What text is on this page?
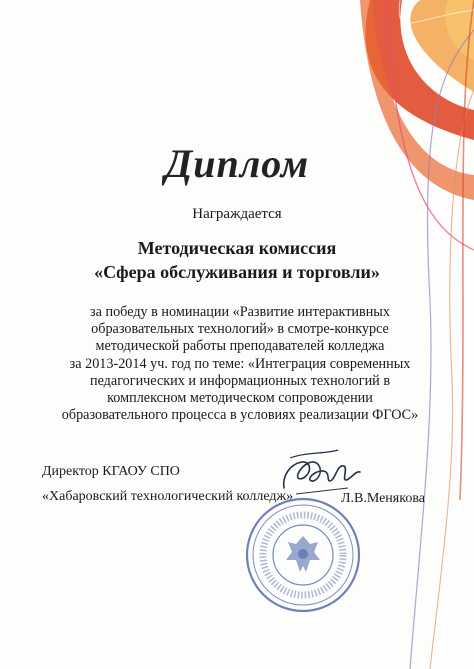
Диплом
Награждается
Методическая комиссия
«Сфера обслуживания и торговли»
за победу в номинации «Развитие интерактивных
образовательных технологий» в смотре-конкурсе
методической работы преподавателей колледжа
за 2013-2014 уч. год по теме: «Интеграция современных
педагогических и информационных технологий в
комплексном методическом сопровождении
образовательного процесса в условиях реализации ФГОС»
Директор КГАОУ СПО
«Хабаровский технологический колледж»	Л.В.Менякова
